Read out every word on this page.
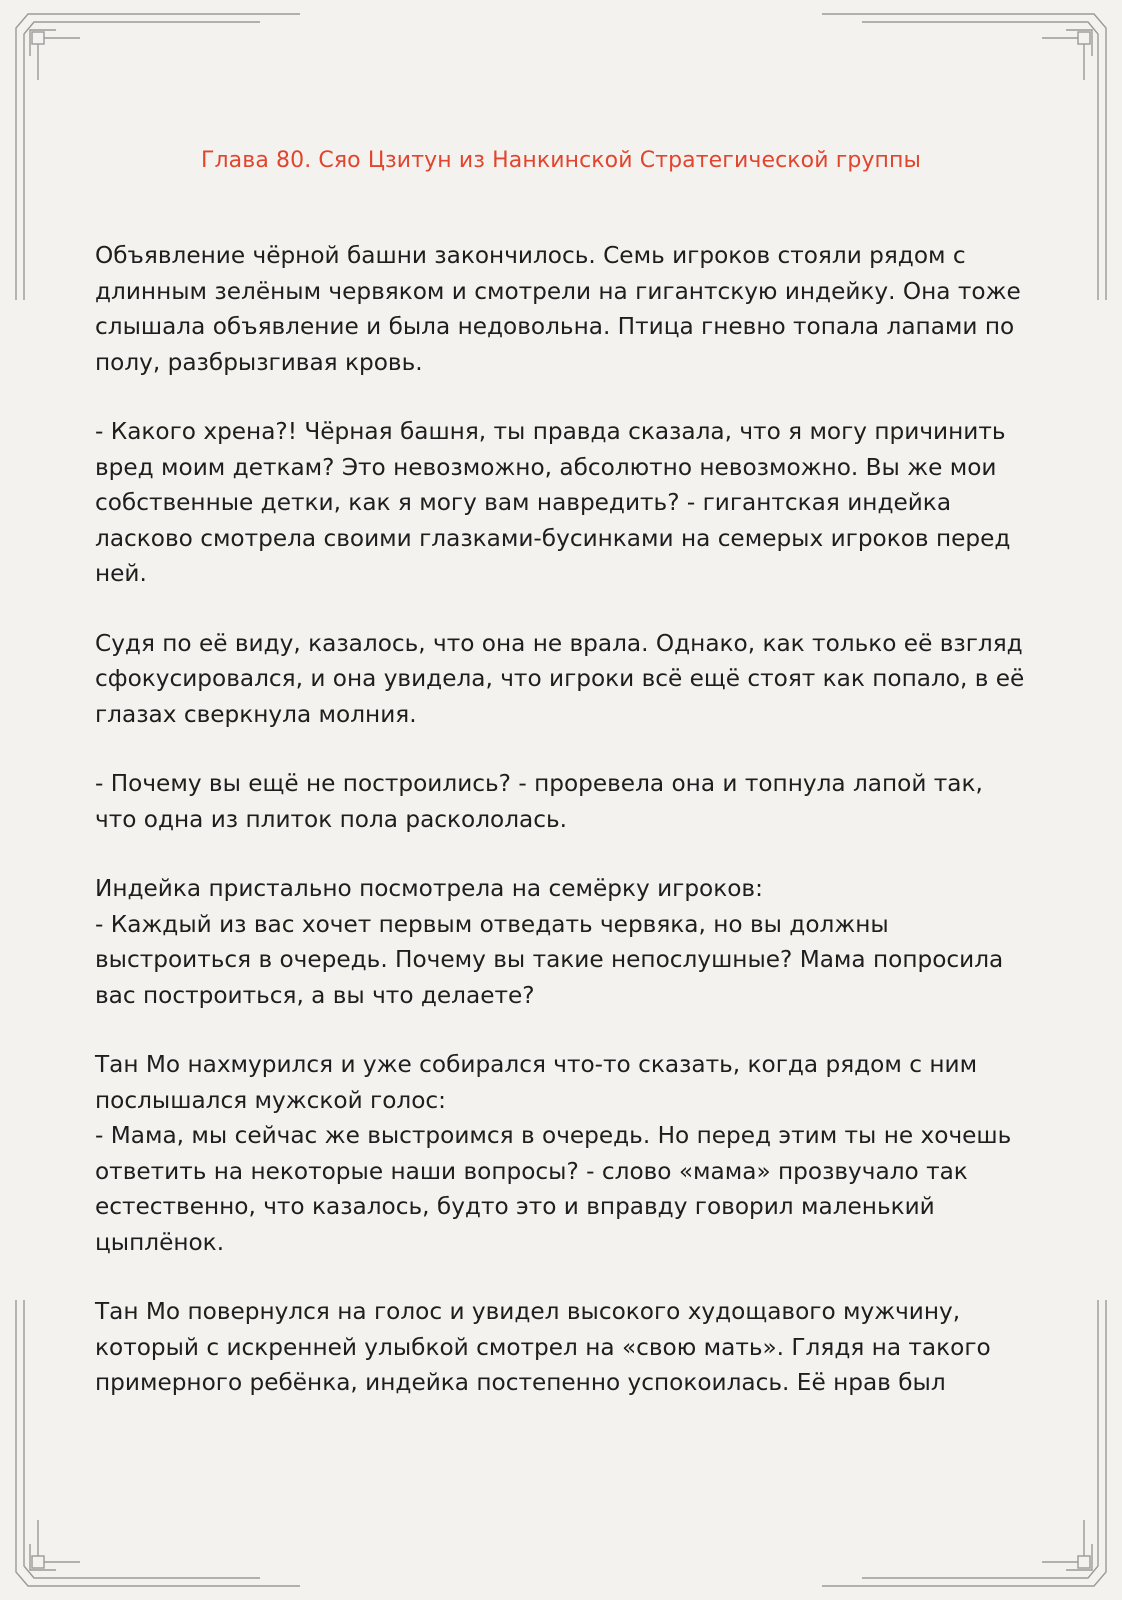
Глава 80. Сяо Цзитун из Нанкинской Стратегической группы

Объявление чёрной башни закончилось. Семь игроков стояли рядом с
длинным зелёным червяком и смотрели на гигантскую индейку. Она тоже
слышала объявление и была недовольна. Птица гневно топала лапами по
полу, разбрызгивая кровь.

- Какого хрена?! Чёрная башня, ты правда сказала, что я могу причинить
вред моим деткам? Это невозможно, абсолютно невозможно. Вы же мои
собственные детки, как я могу вам навредить? - гигантская индейка
ласково смотрела своими глазками-бусинками на семерых игроков перед
ней.

Судя по её виду, казалось, что она не врала. Однако, как только её взгляд
сфокусировался, и она увидела, что игроки всё ещё стоят как попало, в её
глазах сверкнула молния.

- Почему вы ещё не построились? - проревела она и топнула лапой так,
что одна из плиток пола раскололась.

Индейка пристально посмотрела на семёрку игроков:
- Каждый из вас хочет первым отведать червяка, но вы должны
выстроиться в очередь. Почему вы такие непослушные? Мама попросила
вас построиться, а вы что делаете?

Тан Мо нахмурился и уже собирался что-то сказать, когда рядом с ним
послышался мужской голос:
- Мама, мы сейчас же выстроимся в очередь. Но перед этим ты не хочешь
ответить на некоторые наши вопросы? - слово «мама» прозвучало так
естественно, что казалось, будто это и вправду говорил маленький
цыплёнок.

Тан Мо повернулся на голос и увидел высокого худощавого мужчину,
который с искренней улыбкой смотрел на «свою мать». Глядя на такого
примерного ребёнка, индейка постепенно успокоилась. Её нрав был
